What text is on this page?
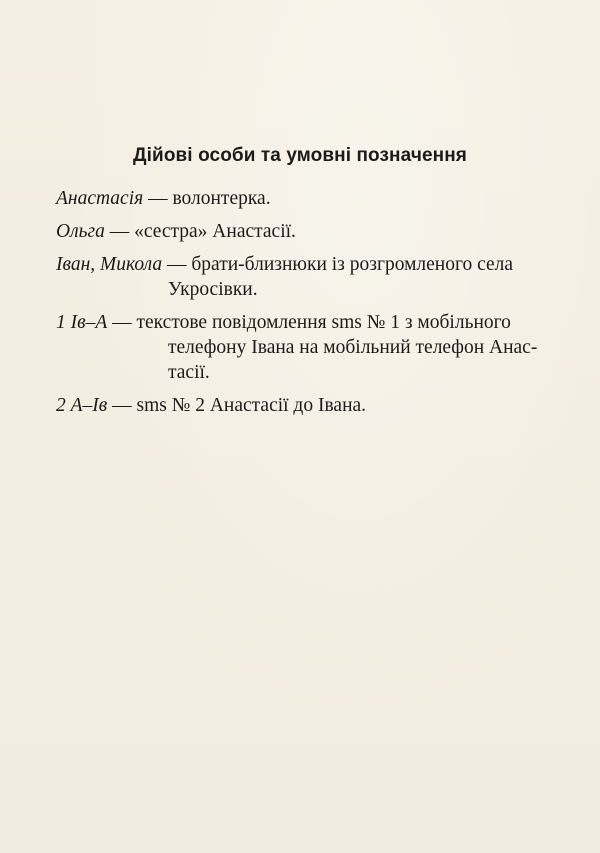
Дійові особи та умовні позначення
Анастасія — волонтерка.
Ольга — «сестра» Анастасії.
Іван, Микола — брати-близнюки із розгромленого села
Укросівки.
1 Ів–А — текстове повідомлення sms № 1 з мобільного
телефону Івана на мобільний телефон Анас-
тасії.
2 А–Ів — sms № 2 Анастасії до Івана.
